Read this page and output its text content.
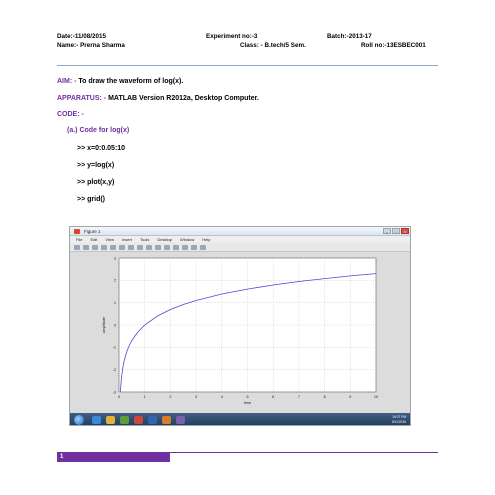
Date:-11/08/2015	Experiment no:-3	Batch:-2013-17
Name:- Prerna Sharma	Class: - B.tech/5 Sem.	Roll no:-13ESBEC001
AIM: - To draw the waveform of log(x).
APPARATUS: - MATLAB Version R2012a, Desktop Computer.
CODE: -
(a.) Code for log(x)
>> x=0:0.05:10
>> y=log(x)
>> plot(x,y)
>> grid()
Figure 1	–	□	×
File Edit View Insert Tools Desktop Window Help
10:07 PM
8/11/2015
0	1	2	3	4	5	6	7	8	9	10
-3
-2
-1
0
1
2
3
time
amplitude
1
